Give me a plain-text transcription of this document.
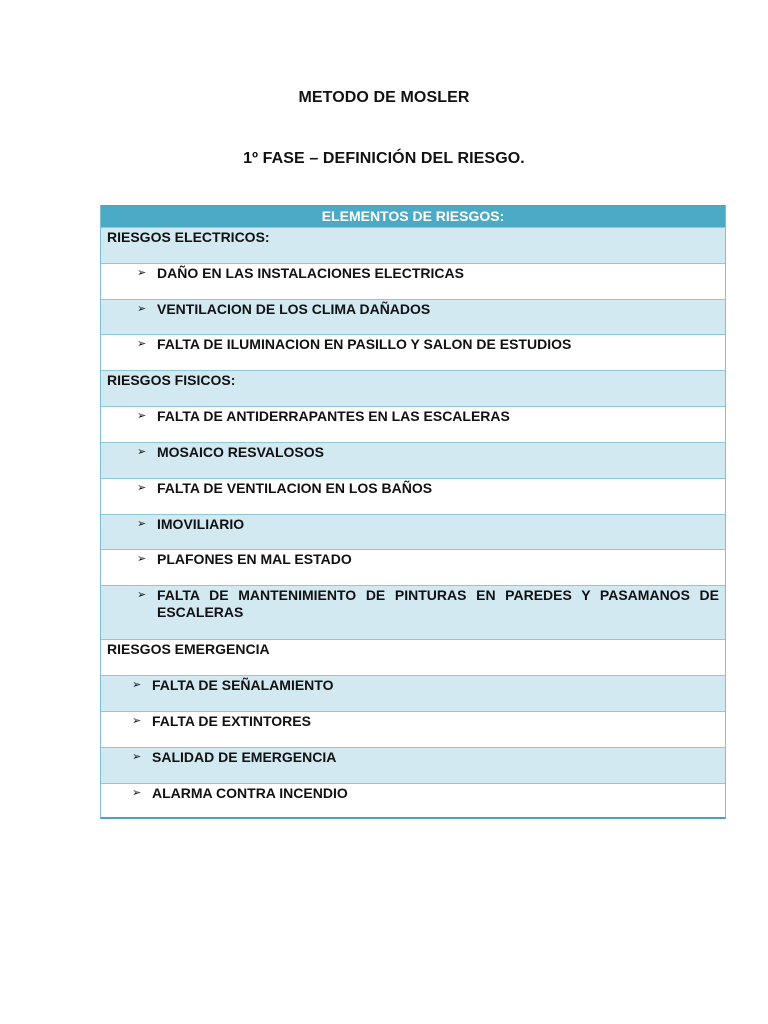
METODO DE MOSLER
1º FASE – DEFINICIÓN DEL RIESGO.
ELEMENTOS DE RIESGOS:
RIESGOS ELECTRICOS:
➢ DAÑO EN LAS INSTALACIONES ELECTRICAS
➢ VENTILACION DE LOS CLIMA DAÑADOS
➢ FALTA DE ILUMINACION EN PASILLO Y SALON DE ESTUDIOS
RIESGOS FISICOS:
➢ FALTA DE ANTIDERRAPANTES EN LAS ESCALERAS
➢ MOSAICO RESVALOSOS
➢ FALTA DE VENTILACION EN LOS BAÑOS
➢ IMOVILIARIO
➢ PLAFONES EN MAL ESTADO
➢ FALTA DE MANTENIMIENTO DE PINTURAS EN PAREDES Y PASAMANOS DE ESCALERAS
RIESGOS EMERGENCIA
➢ FALTA DE SEÑALAMIENTO
➢ FALTA DE EXTINTORES
➢ SALIDAD DE EMERGENCIA
➢ ALARMA CONTRA INCENDIO
